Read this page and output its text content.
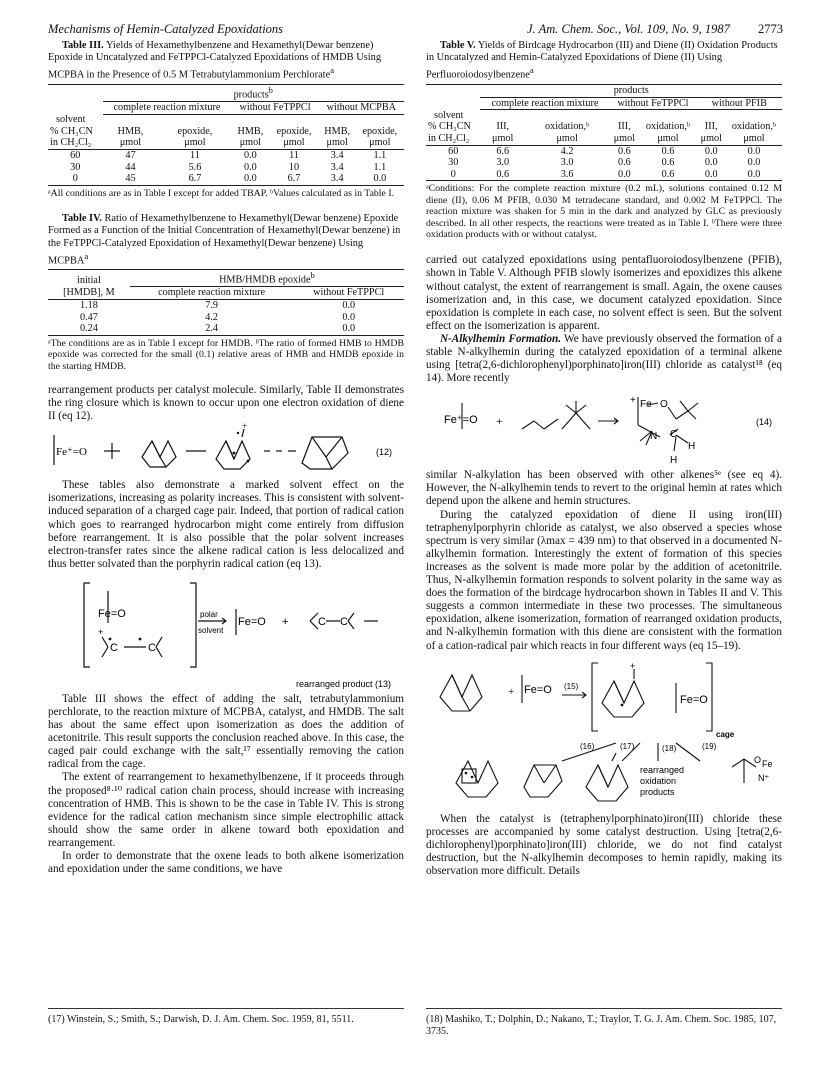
Mechanisms of Hemin-Catalyzed Epoxidations	J. Am. Chem. Soc., Vol. 109, No. 9, 1987 2773

Table III. Yields of Hexamethylbenzene and Hexamethyl(Dewar benzene) Epoxide in Uncatalyzed and FeTPPCl-Catalyzed Epoxidations of HMDB Using MCPBA in the Presence of 0.5 M Tetrabutylammonium Perchlorate$^a$

	products$^b$
	complete reaction mixture		without FeTPPCl		without MCPBA	
solvent						
% CH₃CN	HMB,	epoxide,	HMB,	epoxide,	HMB,	epoxide,
in CH₂Cl₂	μmol	μmol	μmol	μmol	μmol	μmol
60	47	11	0.0	11	3.4	1.1
30	44	5.6	0.0	10	3.4	1.1
0	45	6.7	0.0	6.7	3.4	0.0
ᵃAll conditions are as in Table I except for added TBAP. ᵇValues calculated as in Table I.

Table IV. Ratio of Hexamethylbenzene to Hexamethyl(Dewar benzene) Epoxide Formed as a Function of the Initial Concentration of Hexamethyl(Dewar benzene) in the FeTPPCl-Catalyzed Epoxidation of Hexamethyl(Dewar benzene) Using MCPBA$^a$

initial	HMB/HMDB epoxide$^b$
[HMDB], M	complete reaction mixture	without FeTPPCl
1.18	7.9	0.0
0.47	4.2	0.0
0.24	2.4	0.0
ᵃThe conditions are as in Table I except for HMDB. ᵇThe ratio of formed HMB to HMDB epoxide was corrected for the small (0.1) relative areas of HMB and HMDB epoxide in the starting HMDB.

rearrangement products per catalyst molecule. Similarly, Table II demonstrates the ring closure which is known to occur upon one electron oxidation of diene II (eq 12).

Fe⁺=O
+
(12)

These tables also demonstrate a marked solvent effect on the isomerizations, increasing as polarity increases. This is consistent with solvent-induced separation of a charged cage pair. Indeed, that portion of radical cation which goes to rearranged hydrocarbon might come entirely from diffusion before rearrangement. It is also possible that the polar solvent increases electron-transfer rates since the alkene radical cation is less delocalized and thus better solvated than the porphyrin radical cation (eq 13).

Fe=O
+
C	C
polar
solvent
Fe=O +	C C
rearranged product (13)

Table III shows the effect of adding the salt, tetrabutylammonium perchlorate, to the reaction mixture of MCPBA, catalyst, and HMDB. The salt has about the same effect upon isomerization as does the addition of acetonitrile. This result supports the conclusion reached above. In this case, the caged pair could exchange with the salt,¹⁷ essentially removing the cation radical from the cage.

The extent of rearrangement to hexamethylbenzene, if it proceeds through the proposed⁸·¹⁰ radical cation chain process, should increase with increasing concentration of HMB. This is shown to be the case in Table IV. This is strong evidence for the radical cation mechanism since simple electrophilic attack should show the same order in alkene toward both epoxidation and rearrangement.

In order to demonstrate that the oxene leads to both alkene isomerization and epoxidation under the same conditions, we have

(17) Winstein, S.; Smith, S.; Darwish, D. J. Am. Chem. Soc. 1959, 81, 5511.

Table V. Yields of Birdcage Hydrocarbon (III) and Diene (II) Oxidation Products in Uncatalyzed and Hemin-Catalyzed Epoxidations of Diene (II) Using Perfluoroiodosylbenzene$^a$

	products					
	complete reaction mixture		without FeTPPCl		without PFIB	
solvent						
% CH₃CN	III,	oxidation,ᵇ	III,	oxidation,ᵇ	III,	oxidation,ᵇ
in CH₂Cl₂	μmol	μmol	μmol	μmol	μmol	μmol
60	6.6	4.2	0.6	0.6	0.0	0.0
30	3.0	3.0	0.6	0.6	0.0	0.0
0	0.6	3.6	0.0	0.6	0.0	0.0
ᵃConditions: For the complete reaction mixture (0.2 mL), solutions contained 0.12 M diene (II), 0.06 M PFIB, 0.030 M tetradecane standard, and 0.002 M FeTPPCl. The reaction mixture was shaken for 5 min in the dark and analyzed by GLC as previously described. In all other respects, the reactions were treated as in Table I. ᵇThere were three oxidation products with or without catalyst.

carried out catalyzed epoxidations using pentafluoroiodosylbenzene (PFIB), shown in Table V. Although PFIB slowly isomerizes and epoxidizes this alkene without catalyst, the extent of rearrangement is small. Again, the oxene causes isomerization and, in this case, we document catalyzed epoxidation. Since epoxidation is complete in each case, no solvent effect is seen. But the solvent effect on the isomerization is apparent.

N-Alkylhemin Formation. We have previously observed the formation of a stable N-alkylhemin during the catalyzed epoxidation of a terminal alkene using [tetra(2,6-dichlorophenyl)porphinato]iron(III) chloride as catalyst¹⁸ (eq 14). More recently

Fe⁺=O +
+ Fe O
N C
H
H
(14)

similar N-alkylation has been observed with other alkenes⁵ᵉ (see eq 4). However, the N-alkylhemin tends to revert to the original hemin at rates which depend upon the alkene and hemin structures.

During the catalyzed epoxidation of diene II using iron(III) tetraphenylporphyrin chloride as catalyst, we also observed a species whose spectrum is very similar (λmax = 439 nm) to that observed in a documented N-alkylhemin formation. Interestingly the extent of formation of this species increases as the solvent is made more polar by the addition of acetonitrile. Thus, N-alkylhemin formation responds to solvent polarity in the same way as does the formation of the birdcage hydrocarbon shown in Tables II and V. This suggests a common intermediate in these two processes. The simultaneous epoxidation, alkene isomerization, formation of rearranged oxidation products, and N-alkylhemin formation with this diene are consistent with the formation of a cation-radical pair which reacts in four different ways (eq 15–19).

+ Fe=O (15)
+
Fe=O
cage
(16)	(17)	(18)	(19)
rearranged
oxidation
products
O Fe
N⁺

When the catalyst is (tetraphenylporphinato)iron(III) chloride these processes are accompanied by some catalyst destruction. Using [tetra(2,6-dichlorophenyl)porphinato]iron(III) chloride, we do not find catalyst destruction, but the N-alkylhemin decomposes to hemin rapidly, making its observation more difficult. Details

(18) Mashiko, T.; Dolphin, D.; Nakano, T.; Traylor, T. G. J. Am. Chem. Soc. 1985, 107, 3735.
